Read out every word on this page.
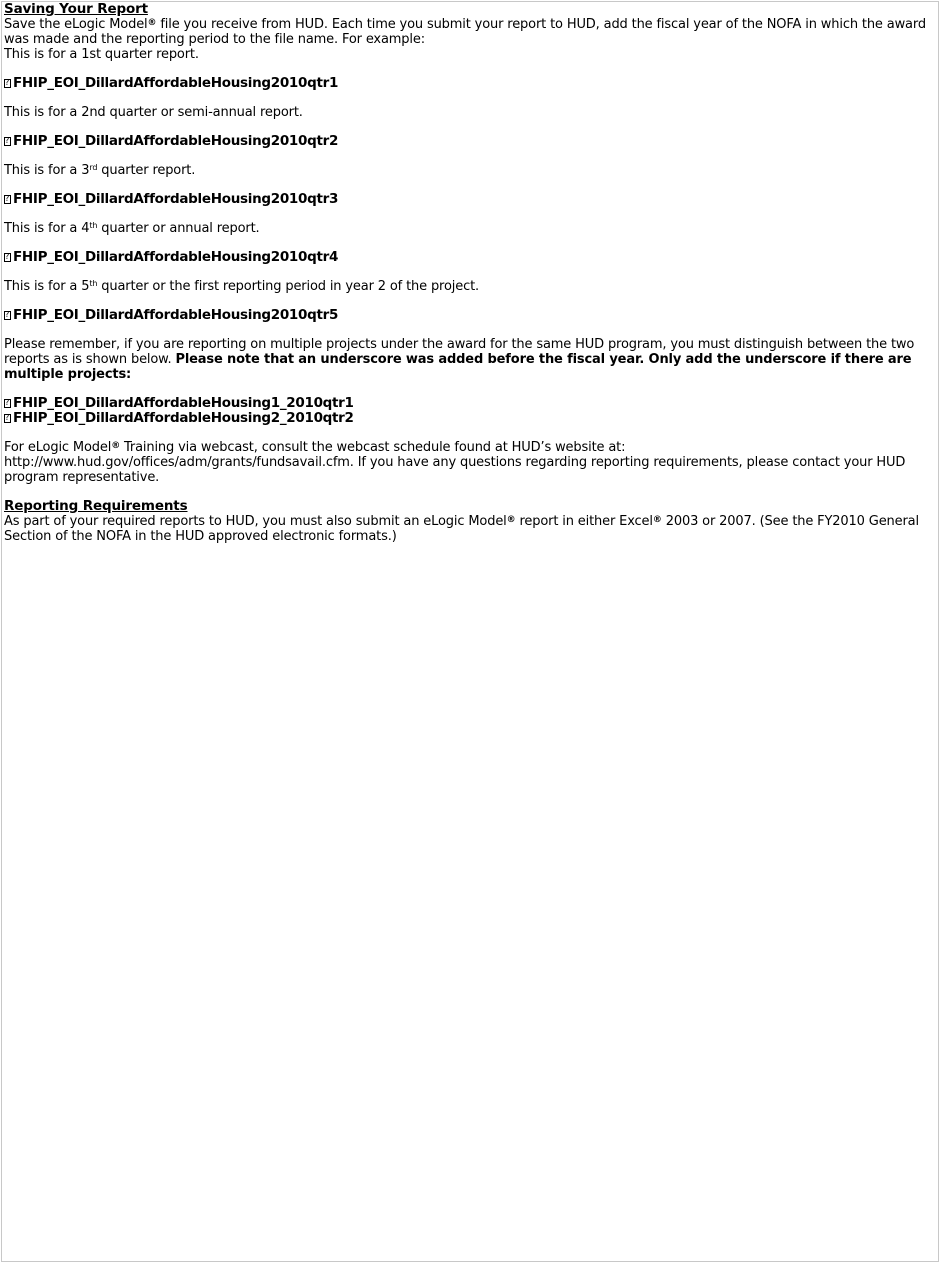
Saving Your Report

Save the eLogic Model® file you receive from HUD. Each time you submit your report to HUD, add the fiscal year of the NOFA in which the award was made and the reporting period to the file name. For example:

This is for a 1st quarter report.

?FHIP_EOI_DillardAffordableHousing2010qtr1

This is for a 2nd quarter or semi-annual report.

?FHIP_EOI_DillardAffordableHousing2010qtr2

This is for a 3rd quarter report.

?FHIP_EOI_DillardAffordableHousing2010qtr3

This is for a 4th quarter or annual report.

?FHIP_EOI_DillardAffordableHousing2010qtr4

This is for a 5th quarter or the first reporting period in year 2 of the project.

?FHIP_EOI_DillardAffordableHousing2010qtr5

Please remember, if you are reporting on multiple projects under the award for the same HUD program, you must distinguish between the two reports as is shown below. Please note that an underscore was added before the fiscal year. Only add the underscore if there are multiple projects:

?FHIP_EOI_DillardAffordableHousing1_2010qtr1

?FHIP_EOI_DillardAffordableHousing2_2010qtr2

For eLogic Model® Training via webcast, consult the webcast schedule found at HUD’s website at: http://www.hud.gov/offices/adm/grants/fundsavail.cfm. If you have any questions regarding reporting requirements, please contact your HUD program representative.

Reporting Requirements

As part of your required reports to HUD, you must also submit an eLogic Model® report in either Excel® 2003 or 2007. (See the FY2010 General Section of the NOFA in the HUD approved electronic formats.)
